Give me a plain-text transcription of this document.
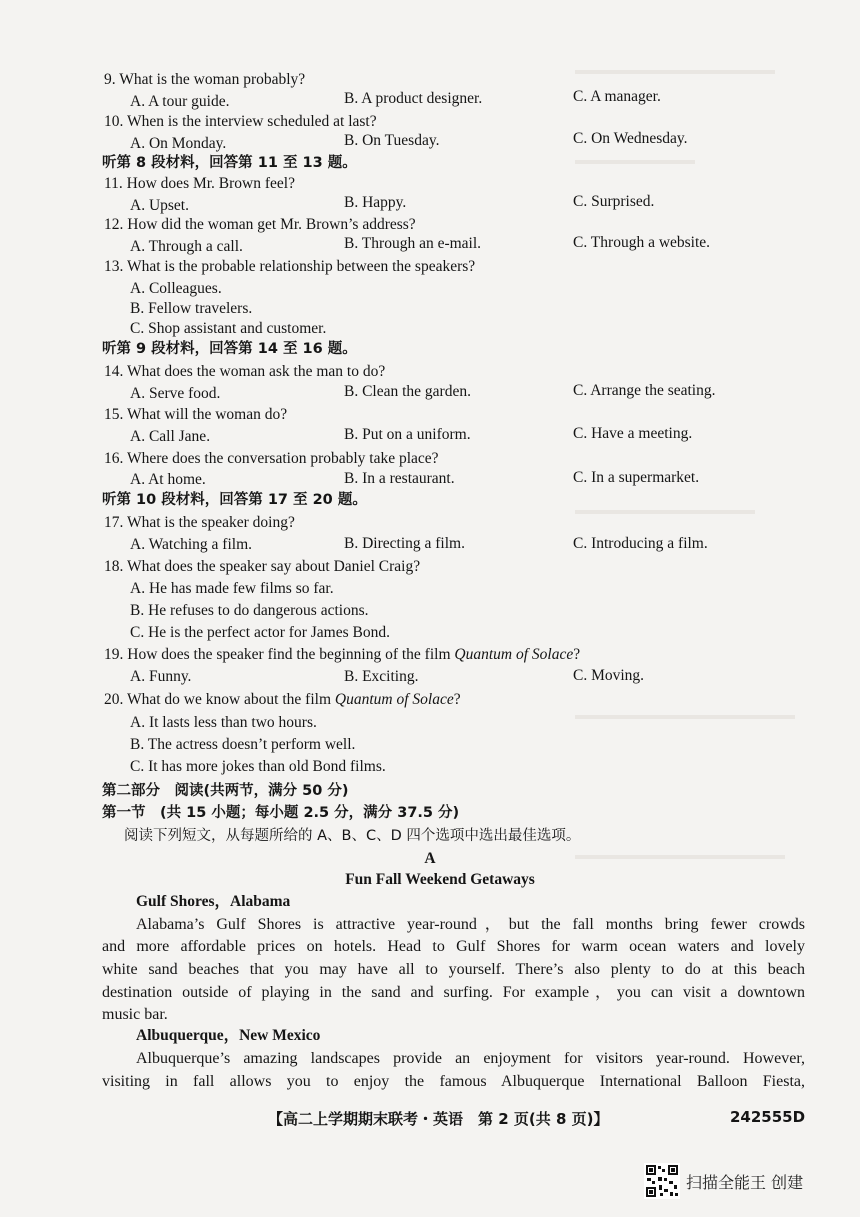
9. What is the woman probably?
A. A tour guide.	B. A product designer.	C. A manager.
10. When is the interview scheduled at last?
A. On Monday.	B. On Tuesday.	C. On Wednesday.
听第 8 段材料，回答第 11 至 13 题。
11. How does Mr. Brown feel?
A. Upset.	B. Happy.	C. Surprised.
12. How did the woman get Mr. Brown’s address?
A. Through a call.	B. Through an e-mail.	C. Through a website.
13. What is the probable relationship between the speakers?
A. Colleagues.
B. Fellow travelers.
C. Shop assistant and customer.
听第 9 段材料，回答第 14 至 16 题。
14. What does the woman ask the man to do?
A. Serve food.	B. Clean the garden.	C. Arrange the seating.
15. What will the woman do?
A. Call Jane.	B. Put on a uniform.	C. Have a meeting.
16. Where does the conversation probably take place?
A. At home.	B. In a restaurant.	C. In a supermarket.
听第 10 段材料，回答第 17 至 20 题。
17. What is the speaker doing?
A. Watching a film.	B. Directing a film.	C. Introducing a film.
18. What does the speaker say about Daniel Craig?
A. He has made few films so far.
B. He refuses to do dangerous actions.
C. He is the perfect actor for James Bond.
19. How does the speaker find the beginning of the film Quantum of Solace?
A. Funny.	B. Exciting.	C. Moving.
20. What do we know about the film Quantum of Solace?
A. It lasts less than two hours.
B. The actress doesn’t perform well.
C. It has more jokes than old Bond films.
第二部分　阅读(共两节，满分 50 分)
第一节　(共 15 小题；每小题 2.5 分，满分 37.5 分)
阅读下列短文，从每题所给的 A、B、C、D 四个选项中选出最佳选项。
A
Fun Fall Weekend Getaways
Gulf Shores，Alabama
Alabama’s Gulf Shores is attractive year-round，but the fall months bring fewer crowds
and more affordable prices on hotels. Head to Gulf Shores for warm ocean waters and lovely
white sand beaches that you may have all to yourself. There’s also plenty to do at this beach
destination outside of playing in the sand and surfing. For example，you can visit a downtown
music bar.
Albuquerque，New Mexico
Albuquerque’s amazing landscapes provide an enjoyment for visitors year-round. However,
visiting in fall allows you to enjoy the famous Albuquerque International Balloon Fiesta,
【高二上学期期末联考・英语　第 2 页(共 8 页)】	242555D
扫描全能王 创建
